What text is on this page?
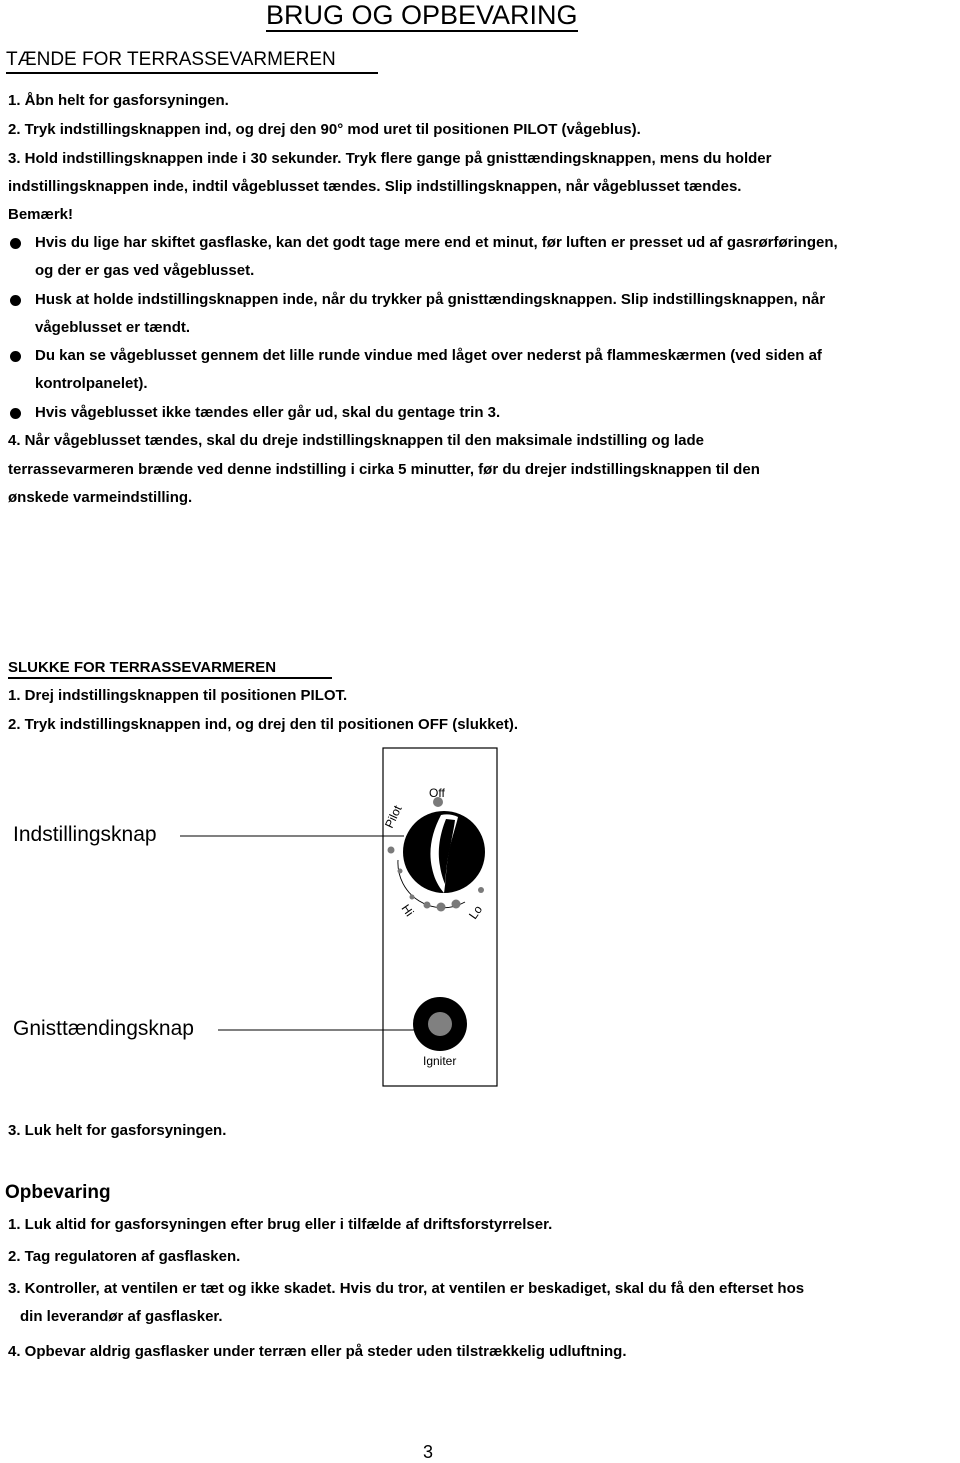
BRUG OG OPBEVARING
TÆNDE FOR TERRASSEVARMEREN
1. Åbn helt for gasforsyningen.
2. Tryk indstillingsknappen ind, og drej den 90° mod uret til positionen PILOT (vågeblus).
3. Hold indstillingsknappen inde i 30 sekunder. Tryk flere gange på gnisttændingsknappen, mens du holder
indstillingsknappen inde, indtil vågeblusset tændes. Slip indstillingsknappen, når vågeblusset tændes.
Bemærk!
Hvis du lige har skiftet gasflaske, kan det godt tage mere end et minut, før luften er presset ud af gasrørføringen,
og der er gas ved vågeblusset.
Husk at holde indstillingsknappen inde, når du trykker på gnisttændingsknappen. Slip indstillingsknappen, når
vågeblusset er tændt.
Du kan se vågeblusset gennem det lille runde vindue med låget over nederst på flammeskærmen (ved siden af
kontrolpanelet).
Hvis vågeblusset ikke tændes eller går ud, skal du gentage trin 3.
4. Når vågeblusset tændes, skal du dreje indstillingsknappen til den maksimale indstilling og lade
terrassevarmeren brænde ved denne indstilling i cirka 5 minutter, før du drejer indstillingsknappen til den
ønskede varmeindstilling.
SLUKKE FOR TERRASSEVARMEREN
1. Drej indstillingsknappen til positionen PILOT.
2. Tryk indstillingsknappen ind, og drej den til positionen OFF (slukket).
Off
Pilot
Hi	Lo
Igniter
Indstillingsknap
Gnisttændingsknap
3. Luk helt for gasforsyningen.
Opbevaring
1. Luk altid for gasforsyningen efter brug eller i tilfælde af driftsforstyrrelser.
2. Tag regulatoren af gasflasken.
3. Kontroller, at ventilen er tæt og ikke skadet. Hvis du tror, at ventilen er beskadiget, skal du få den efterset hos
din leverandør af gasflasker.
4. Opbevar aldrig gasflasker under terræn eller på steder uden tilstrækkelig udluftning.
3
